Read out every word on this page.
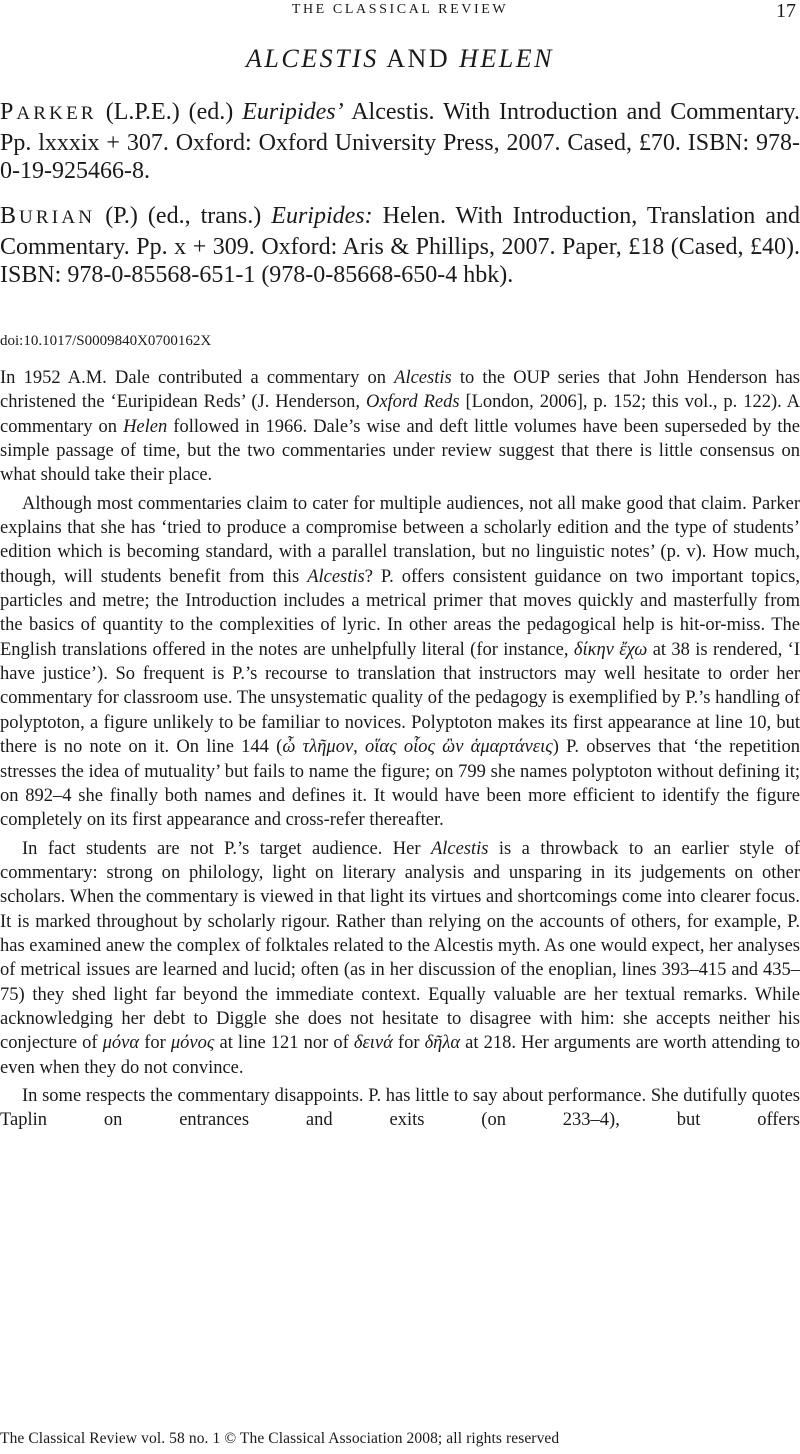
THE CLASSICAL REVIEW	17
ALCESTIS AND HELEN
PARKER (L.P.E.) (ed.) Euripides’ Alcestis. With Introduction and Commentary. Pp. lxxxix + 307. Oxford: Oxford University Press, 2007. Cased, £70. ISBN: 978-0-19-925466-8.
BURIAN (P.) (ed., trans.) Euripides: Helen. With Introduction, Translation and Commentary. Pp. x + 309. Oxford: Aris & Phillips, 2007. Paper, £18 (Cased, £40). ISBN: 978-0-85568-651-1 (978-0-85668-650-4 hbk).
doi:10.1017/S0009840X0700162X

In 1952 A.M. Dale contributed a commentary on Alcestis to the OUP series that John Henderson has christened the ‘Euripidean Reds’ (J. Henderson, Oxford Reds [London, 2006], p. 152; this vol., p. 122). A commentary on Helen followed in 1966. Dale’s wise and deft little volumes have been superseded by the simple passage of time, but the two commentaries under review suggest that there is little consensus on what should take their place.

Although most commentaries claim to cater for multiple audiences, not all make good that claim. Parker explains that she has ‘tried to produce a compromise between a scholarly edition and the type of students’ edition which is becoming standard, with a parallel translation, but no linguistic notes’ (p. v). How much, though, will students benefit from this Alcestis? P. offers consistent guidance on two important topics, particles and metre; the Introduction includes a metrical primer that moves quickly and masterfully from the basics of quantity to the complexities of lyric. In other areas the pedagogical help is hit-or-miss. The English translations offered in the notes are unhelpfully literal (for instance, δίκην ἔχω at 38 is rendered, ‘I have justice’). So frequent is P.’s recourse to translation that instructors may well hesitate to order her commentary for classroom use. The unsystematic quality of the pedagogy is exemplified by P.’s handling of polyptoton, a figure unlikely to be familiar to novices. Polyptoton makes its first appearance at line 10, but there is no note on it. On line 144 (ὦ τλῆμον, οἵας οἷος ὢν ἁμαρτάνεις) P. observes that ‘the repetition stresses the idea of mutuality’ but fails to name the figure; on 799 she names polyptoton without defining it; on 892–4 she finally both names and defines it. It would have been more efficient to identify the figure completely on its first appearance and cross-refer thereafter.

In fact students are not P.’s target audience. Her Alcestis is a throwback to an earlier style of commentary: strong on philology, light on literary analysis and unsparing in its judgements on other scholars. When the commentary is viewed in that light its virtues and shortcomings come into clearer focus. It is marked throughout by scholarly rigour. Rather than relying on the accounts of others, for example, P. has examined anew the complex of folktales related to the Alcestis myth. As one would expect, her analyses of metrical issues are learned and lucid; often (as in her discussion of the enoplian, lines 393–415 and 435–75) they shed light far beyond the immediate context. Equally valuable are her textual remarks. While acknowledging her debt to Diggle she does not hesitate to disagree with him: she accepts neither his conjecture of μόνα for μόνος at line 121 nor of δεινά for δῆλα at 218. Her arguments are worth attending to even when they do not convince.

In some respects the commentary disappoints. P. has little to say about performance. She dutifully quotes Taplin on entrances and exits (on 233–4), but offers

The Classical Review vol. 58 no. 1 © The Classical Association 2008; all rights reserved
